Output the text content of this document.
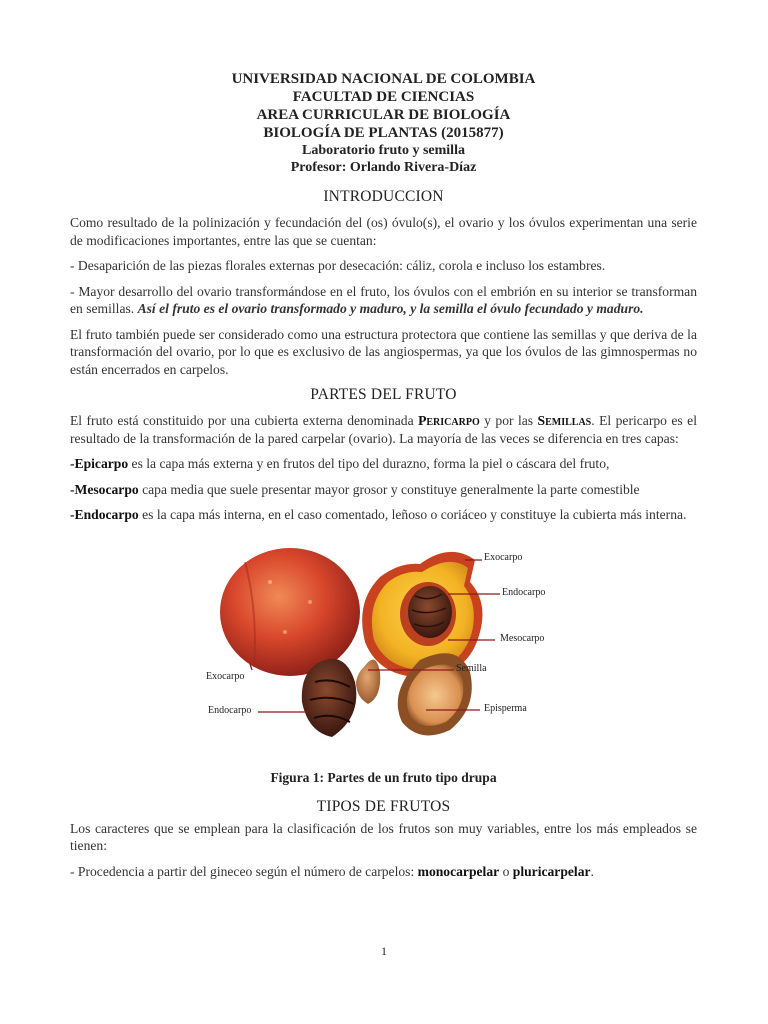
UNIVERSIDAD NACIONAL DE COLOMBIA
FACULTAD DE CIENCIAS
AREA CURRICULAR DE BIOLOGÍA
BIOLOGÍA DE PLANTAS (2015877)
Laboratorio fruto y semilla
Profesor: Orlando Rivera-Díaz
INTRODUCCION

Como resultado de la polinización y fecundación del (os) óvulo(s), el ovario y los óvulos experimentan una serie de modificaciones importantes, entre las que se cuentan:

- Desaparición de las piezas florales externas por desecación: cáliz, corola e incluso los estambres.

- Mayor desarrollo del ovario transformándose en el fruto, los óvulos con el embrión en su interior se transforman en semillas. Así el fruto es el ovario transformado y maduro, y la semilla el óvulo fecundado y maduro.

El fruto también puede ser considerado como una estructura protectora que contiene las semillas y que deriva de la transformación del ovario, por lo que es exclusivo de las angiospermas, ya que los óvulos de las gimnospermas no están encerrados en carpelos.

PARTES DEL FRUTO

El fruto está constituido por una cubierta externa denominada Pericarpo y por las Semillas. El pericarpo es el resultado de la transformación de la pared carpelar (ovario). La mayoría de las veces se diferencia en tres capas:

-Epicarpo es la capa más externa y en frutos del tipo del durazno, forma la piel o cáscara del fruto,

-Mesocarpo capa media que suele presentar mayor grosor y constituye generalmente la parte comestible

-Endocarpo es la capa más interna, en el caso comentado, leñoso o coriáceo y constituye la cubierta más interna.

Exocarpo
Endocarpo
Mesocarpo
Exocarpo
Semilla
Endocarpo	Episperma
Figura 1: Partes de un fruto tipo drupa
TIPOS DE FRUTOS

Los caracteres que se emplean para la clasificación de los frutos son muy variables, entre los más empleados se tienen:

- Procedencia a partir del gineceo según el número de carpelos: monocarpelar o pluricarpelar.

1
